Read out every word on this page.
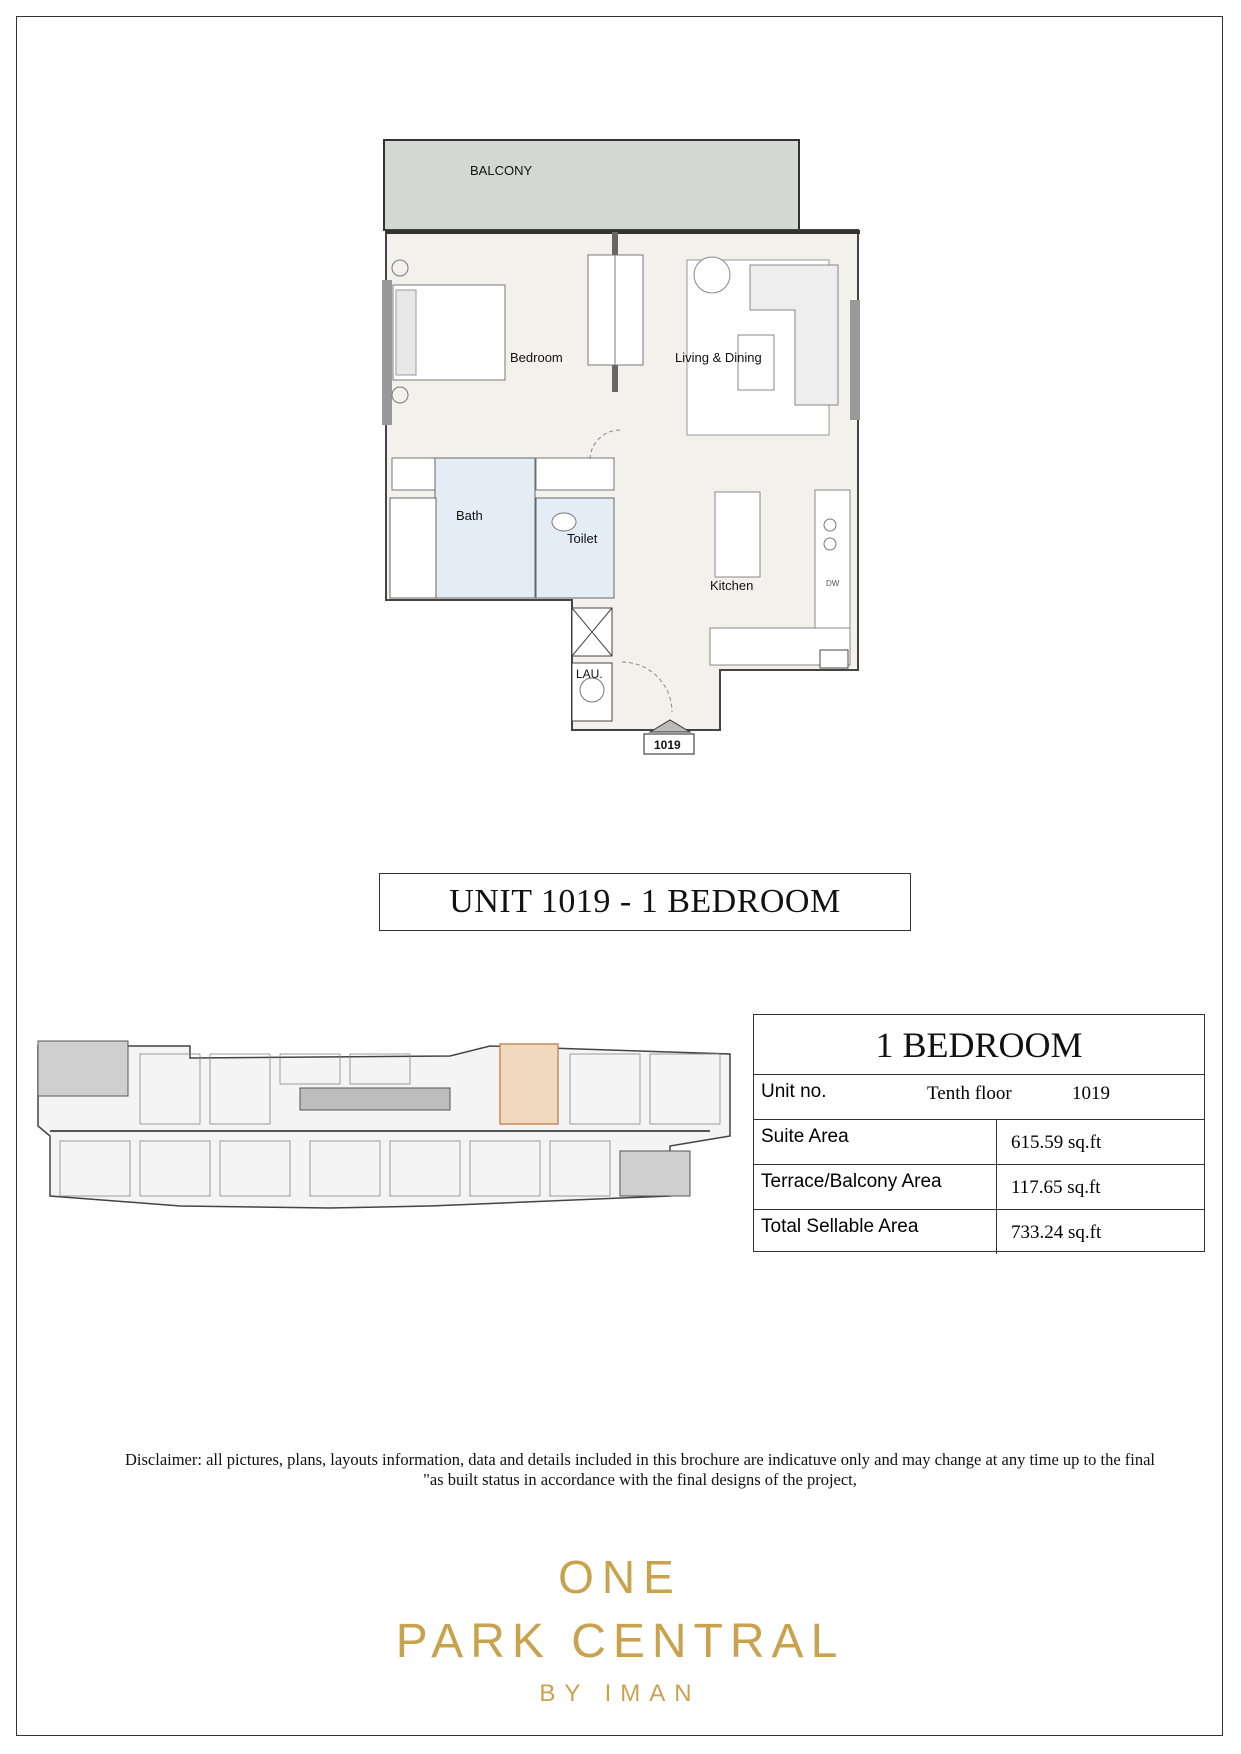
BALCONY
Bedroom	Living & Dining
Bath
Toilet
Kitchen
LAU.
DW
1019
UNIT 1019 - 1 BEDROOM
1 BEDROOM
Unit no.	Tenth floor	1019
Suite Area	615.59 sq.ft
Terrace/Balcony Area	117.65 sq.ft
Total Sellable Area	733.24 sq.ft
Disclaimer: all pictures, plans, layouts information, data and details included in this brochure are indicatuve only and may change at any time up to the final
"as built status in accordance with the final designs of the project,
ONE
PARK CENTRAL
BY IMAN
